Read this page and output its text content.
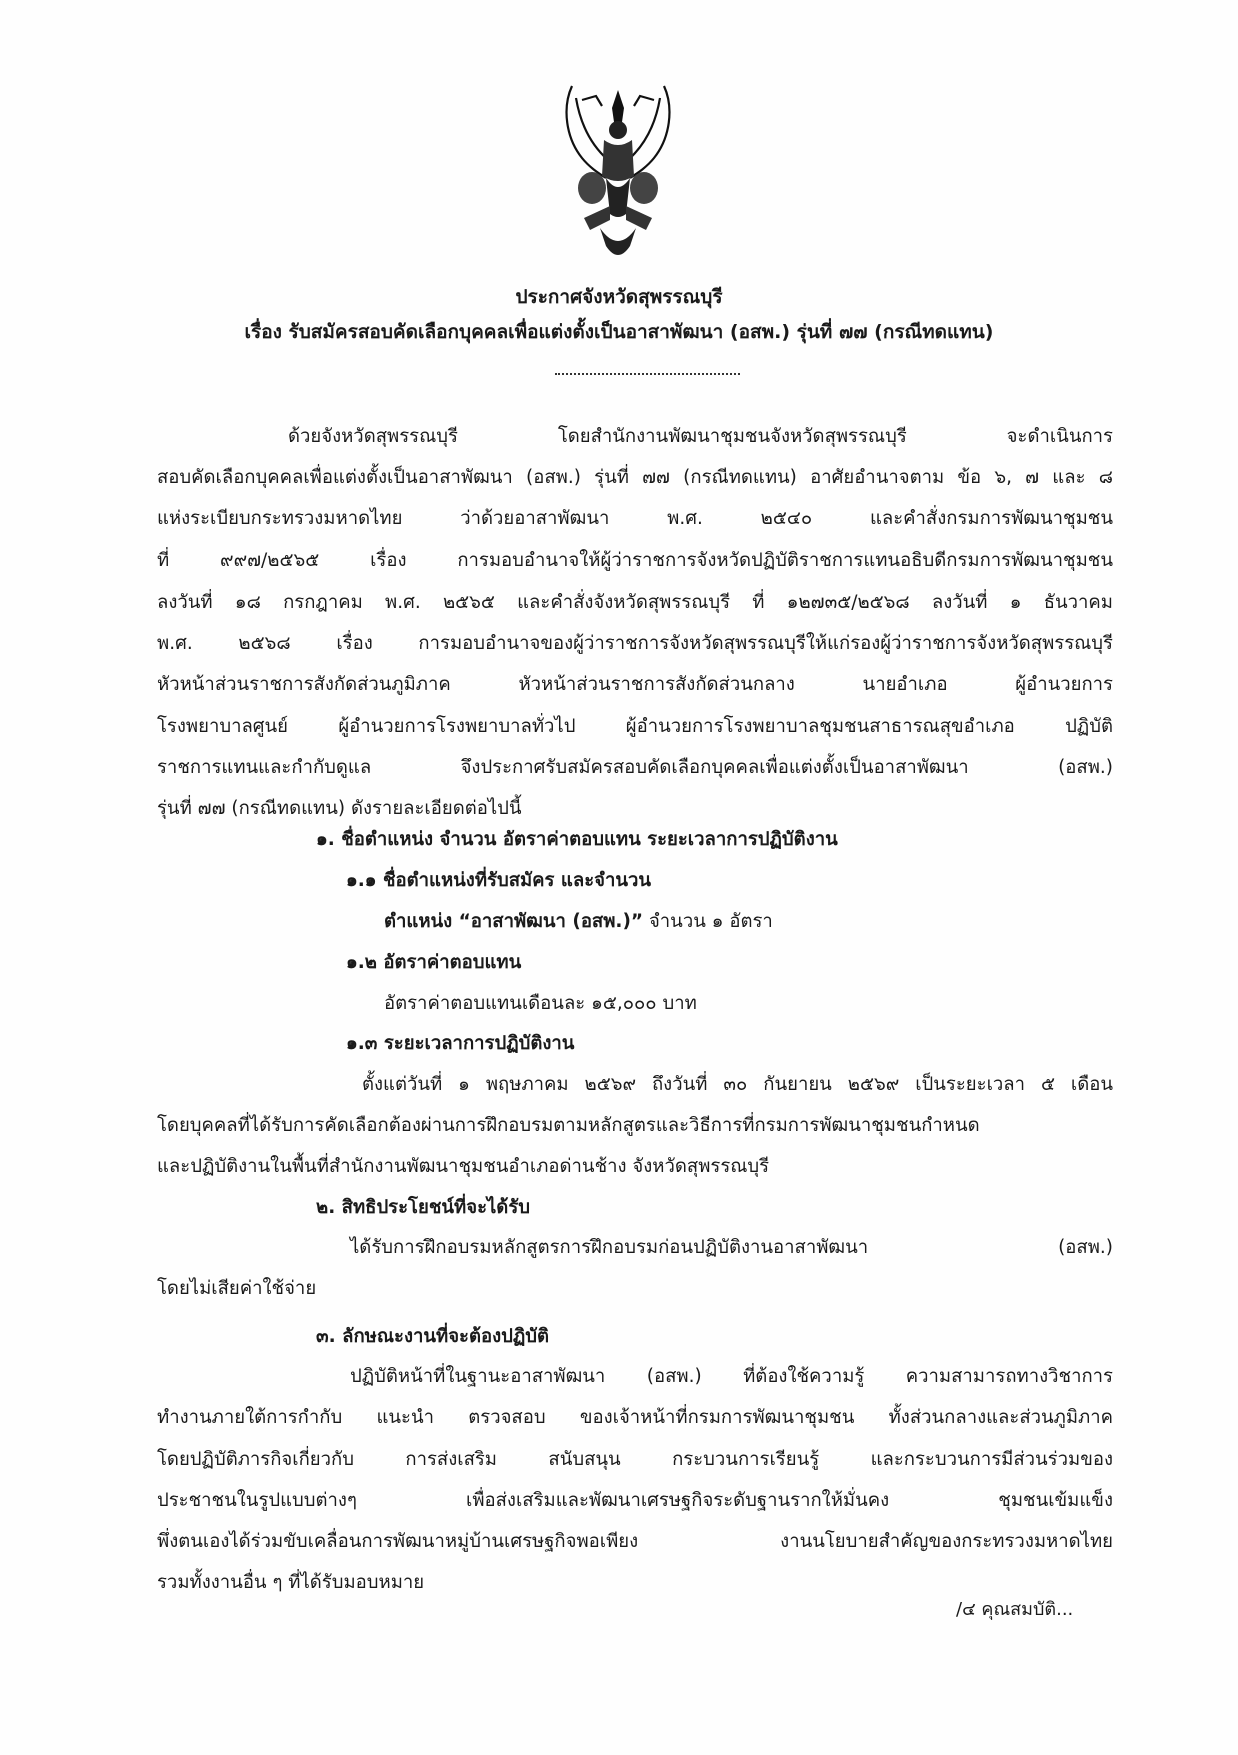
ประกาศจังหวัดสุพรรณบุรี
เรื่อง รับสมัครสอบคัดเลือกบุคคลเพื่อแต่งตั้งเป็นอาสาพัฒนา (อสพ.) รุ่นที่ ๗๗ (กรณีทดแทน)
ด้วยจังหวัดสุพรรณบุรี โดยสำนักงานพัฒนาชุมชนจังหวัดสุพรรณบุรี จะดำเนินการ
สอบคัดเลือกบุคคลเพื่อแต่งตั้งเป็นอาสาพัฒนา (อสพ.) รุ่นที่ ๗๗ (กรณีทดแทน) อาศัยอำนาจตาม ข้อ ๖, ๗ และ ๘
แห่งระเบียบกระทรวงมหาดไทย ว่าด้วยอาสาพัฒนา พ.ศ. ๒๕๔๐ และคำสั่งกรมการพัฒนาชุมชน
ที่ ๙๙๗/๒๕๖๕ เรื่อง การมอบอำนาจให้ผู้ว่าราชการจังหวัดปฏิบัติราชการแทนอธิบดีกรมการพัฒนาชุมชน
ลงวันที่ ๑๘ กรกฎาคม พ.ศ. ๒๕๖๕ และคำสั่งจังหวัดสุพรรณบุรี ที่ ๑๒๗๓๕/๒๕๖๘ ลงวันที่ ๑ ธันวาคม
พ.ศ. ๒๕๖๘ เรื่อง การมอบอำนาจของผู้ว่าราชการจังหวัดสุพรรณบุรีให้แก่รองผู้ว่าราชการจังหวัดสุพรรณบุรี
หัวหน้าส่วนราชการสังกัดส่วนภูมิภาค หัวหน้าส่วนราชการสังกัดส่วนกลาง นายอำเภอ ผู้อำนวยการ
โรงพยาบาลศูนย์ ผู้อำนวยการโรงพยาบาลทั่วไป ผู้อำนวยการโรงพยาบาลชุมชนสาธารณสุขอำเภอ ปฏิบัติ
ราชการแทนและกำกับดูแล จึงประกาศรับสมัครสอบคัดเลือกบุคคลเพื่อแต่งตั้งเป็นอาสาพัฒนา (อสพ.)
รุ่นที่ ๗๗ (กรณีทดแทน) ดังรายละเอียดต่อไปนี้
๑. ชื่อตำแหน่ง จำนวน อัตราค่าตอบแทน ระยะเวลาการปฏิบัติงาน
๑.๑ ชื่อตำแหน่งที่รับสมัคร และจำนวน
ตำแหน่ง “อาสาพัฒนา (อสพ.)” จำนวน ๑ อัตรา
๑.๒ อัตราค่าตอบแทน
อัตราค่าตอบแทนเดือนละ ๑๕,๐๐๐ บาท
๑.๓ ระยะเวลาการปฏิบัติงาน
ตั้งแต่วันที่ ๑ พฤษภาคม ๒๕๖๙ ถึงวันที่ ๓๐ กันยายน ๒๕๖๙ เป็นระยะเวลา ๕ เดือน
โดยบุคคลที่ได้รับการคัดเลือกต้องผ่านการฝึกอบรมตามหลักสูตรและวิธีการที่กรมการพัฒนาชุมชนกำหนด
และปฏิบัติงานในพื้นที่สำนักงานพัฒนาชุมชนอำเภอด่านช้าง จังหวัดสุพรรณบุรี
๒. สิทธิประโยชน์ที่จะได้รับ
ได้รับการฝึกอบรมหลักสูตรการฝึกอบรมก่อนปฏิบัติงานอาสาพัฒนา (อสพ.)
โดยไม่เสียค่าใช้จ่าย
๓. ลักษณะงานที่จะต้องปฏิบัติ
ปฏิบัติหน้าที่ในฐานะอาสาพัฒนา (อสพ.) ที่ต้องใช้ความรู้ ความสามารถทางวิชาการ
ทำงานภายใต้การกำกับ แนะนำ ตรวจสอบ ของเจ้าหน้าที่กรมการพัฒนาชุมชน ทั้งส่วนกลางและส่วนภูมิภาค
โดยปฏิบัติภารกิจเกี่ยวกับ การส่งเสริม สนับสนุน กระบวนการเรียนรู้ และกระบวนการมีส่วนร่วมของ
ประชาชนในรูปแบบต่างๆ เพื่อส่งเสริมและพัฒนาเศรษฐกิจระดับฐานรากให้มั่นคง ชุมชนเข้มแข็ง
พึ่งตนเองได้ร่วมขับเคลื่อนการพัฒนาหมู่บ้านเศรษฐกิจพอเพียง งานนโยบายสำคัญของกระทรวงมหาดไทย
รวมทั้งงานอื่น ๆ ที่ได้รับมอบหมาย
/๔ คุณสมบัติ...
